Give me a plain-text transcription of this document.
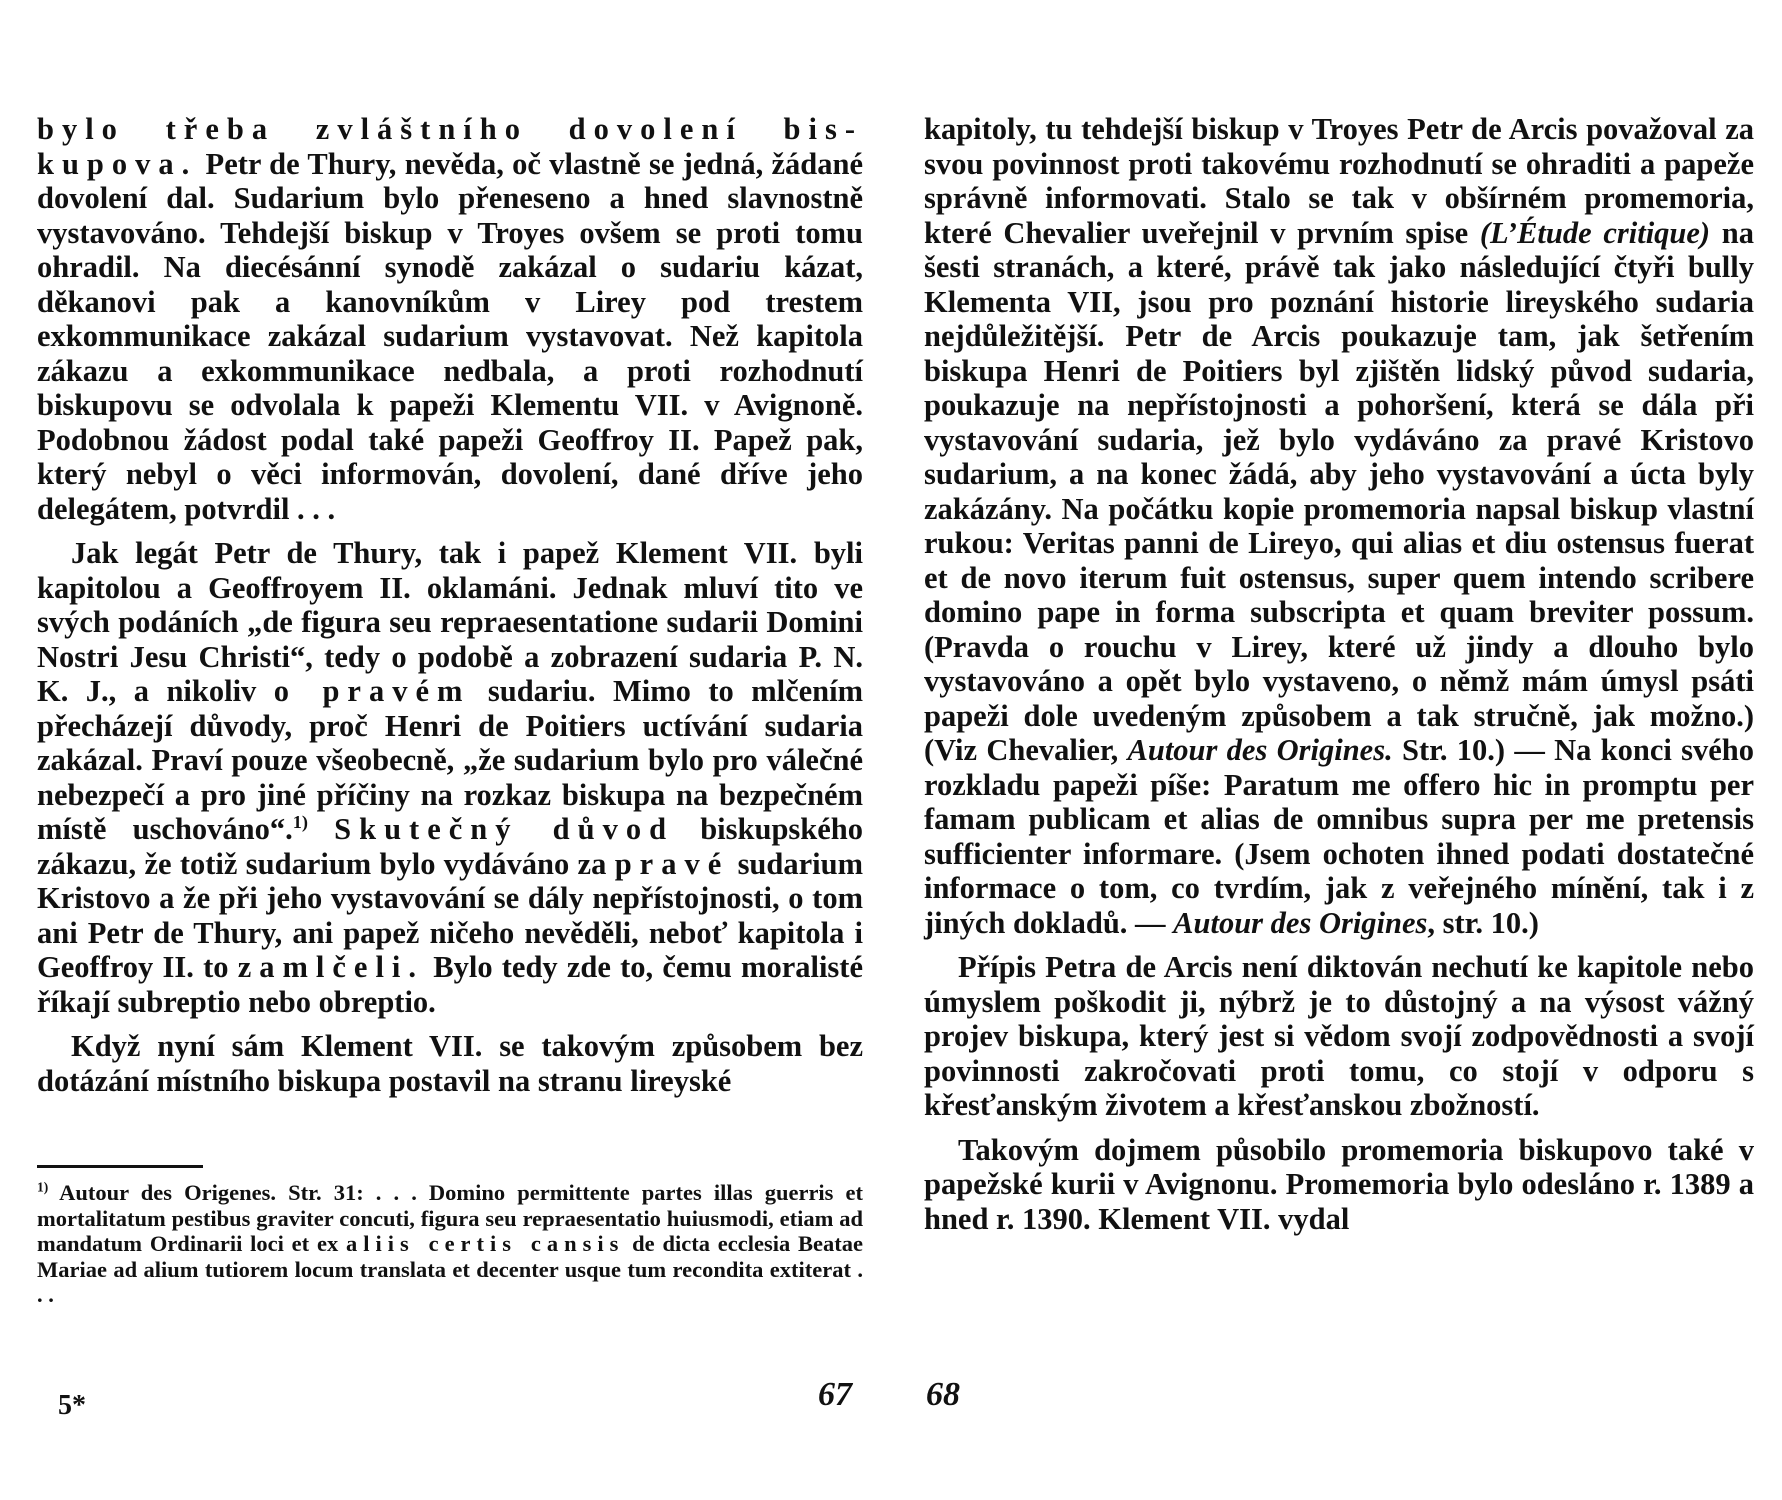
bylo třeba zvláštního dovolení bis-kupova. Petr de Thury, nevěda, oč vlastně se jedná, žádané dovolení dal. Sudarium bylo přeneseno a hned slavnostně vystavováno. Tehdejší biskup v Troyes ovšem se proti tomu ohradil. Na diecésánní synodě zakázal o sudariu kázat, děkanovi pak a kanovníkům v Lirey pod trestem exkommunikace zakázal sudarium vystavovat. Než kapitola zákazu a exkommunikace nedbala, a proti rozhodnutí biskupovu se odvolala k papeži Klementu VII. v Avignoně. Podobnou žádost podal také papeži Geoffroy II. Papež pak, který nebyl o věci informován, dovolení, dané dříve jeho delegátem, potvrdil . . .

Jak legát Petr de Thury, tak i papež Klement VII. byli kapitolou a Geoffroyem II. oklamáni. Jednak mluví tito ve svých podáních „de figura seu repraesentatione sudarii Domini Nostri Jesu Christi“, tedy o podobě a zobrazení sudaria P. N. K. J., a nikoliv o pravém sudariu. Mimo to mlčením přecházejí důvody, proč Henri de Poitiers uctívání sudaria zakázal. Praví pouze všeobecně, „že sudarium bylo pro válečné nebezpečí a pro jiné příčiny na rozkaz biskupa na bezpečném místě uschováno“.$^{1)}$ Skutečný důvod biskupského zákazu, že totiž sudarium bylo vydáváno za pravé sudarium Kristovo a že při jeho vystavování se dály nepřístojnosti, o tom ani Petr de Thury, ani papež ničeho nevěděli, neboť kapitola i Geoffroy II. to zamlčeli. Bylo tedy zde to, čemu moralisté říkají subreptio nebo obreptio.

Když nyní sám Klement VII. se takovým způsobem bez dotázání místního biskupa postavil na stranu lireyské

$^{1)}$ Autour des Origenes. Str. 31: . . . Domino permittente partes illas guerris et mortalitatum pestibus graviter concuti, figura seu repraesentatio huiusmodi, etiam ad mandatum Ordinarii loci et ex aliis certis cansis de dicta ecclesia Beatae Mariae ad alium tutiorem locum translata et decenter usque tum recondita extiterat . . .
5*	67

kapitoly, tu tehdejší biskup v Troyes Petr de Arcis považoval za svou povinnost proti takovému rozhodnutí se ohraditi a papeže správně informovati. Stalo se tak v obšírném promemoria, které Chevalier uveřejnil v prvním spise (L’Étude critique) na šesti stranách, a které, právě tak jako následující čtyři bully Klementa VII, jsou pro poznání historie lireyského sudaria nejdůležitější. Petr de Arcis poukazuje tam, jak šetřením biskupa Henri de Poitiers byl zjištěn lidský původ sudaria, poukazuje na nepřístojnosti a pohoršení, která se dála při vystavování sudaria, jež bylo vydáváno za pravé Kristovo sudarium, a na konec žádá, aby jeho vystavování a úcta byly zakázány. Na počátku kopie promemoria napsal biskup vlastní rukou: Veritas panni de Lireyo, qui alias et diu ostensus fuerat et de novo iterum fuit ostensus, super quem intendo scribere domino pape in forma subscripta et quam breviter possum. (Pravda o rouchu v Lirey, které už jindy a dlouho bylo vystavováno a opět bylo vystaveno, o němž mám úmysl psáti papeži dole uvedeným způsobem a tak stručně, jak možno.) (Viz Chevalier, Autour des Origines. Str. 10.) — Na konci svého rozkladu papeži píše: Paratum me offero hic in promptu per famam publicam et alias de omnibus supra per me pretensis sufficienter informare. (Jsem ochoten ihned podati dostatečné informace o tom, co tvrdím, jak z veřejného mínění, tak i z jiných dokladů. — Autour des Origines, str. 10.)

Přípis Petra de Arcis není diktován nechutí ke kapitole nebo úmyslem poškodit ji, nýbrž je to důstojný a na výsost vážný projev biskupa, který jest si vědom svojí zodpovědnosti a svojí povinnosti zakročovati proti tomu, co stojí v odporu s křesťanským životem a křesťanskou zbožností.

Takovým dojmem působilo promemoria biskupovo také v papežské kurii v Avignonu. Promemoria bylo odesláno r. 1389 a hned r. 1390. Klement VII. vydal

68
